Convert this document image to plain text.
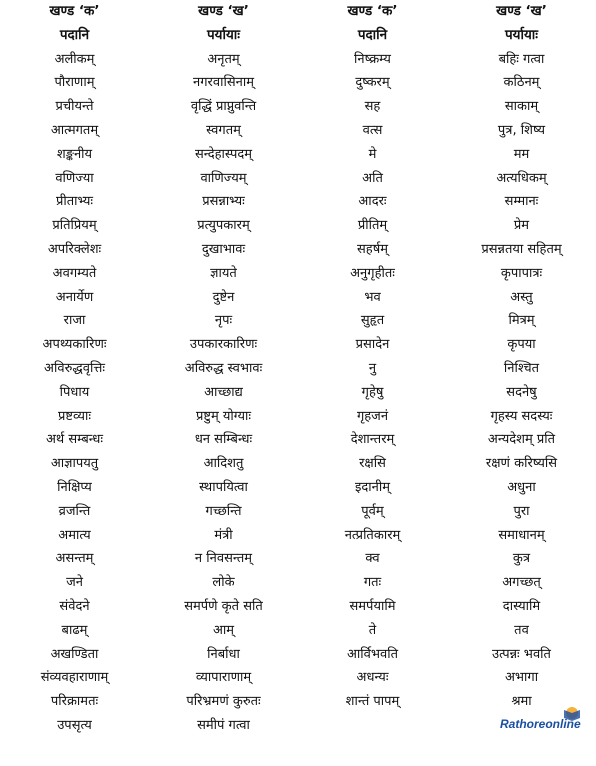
खण्ड ‘क’	खण्ड ‘ख’	खण्ड ‘क’	खण्ड ‘ख’
पदानि	पर्यायाः	पदानि	पर्यायाः
अलीकम्	अनृतम्	निष्क्रम्य	बहिः गत्वा
पौराणाम्	नगरवासिनाम्	दुष्करम्	कठिनम्
प्रचीयन्ते	वृद्धिं प्राप्नुवन्ति	सह	साकाम्
आत्मगतम्	स्वगतम्	वत्स	पुत्र, शिष्य
शङ्कनीय	सन्देहास्पदम्	मे	मम
वणिज्या	वाणिज्यम्	अति	अत्यधिकम्
प्रीताभ्यः	प्रसन्नाभ्यः	आदरः	सम्मानः
प्रतिप्रियम्	प्रत्युपकारम्	प्रीतिम्	प्रेम
अपरिक्लेशः	दुखाभावः	सहर्षम्	प्रसन्नतया सहितम्
अवगम्यते	ज्ञायते	अनुगृहीतः	कृपापात्रः
अनार्येण	दुष्टेन	भव	अस्तु
राजा	नृपः	सुहृत	मित्रम्
अपथ्यकारिणः	उपकारकारिणः	प्रसादेन	कृपया
अविरुद्धवृत्तिः	अविरुद्ध स्वभावः	नु	निश्चित
पिधाय	आच्छाद्य	गृहेषु	सदनेषु
प्रष्टव्याः	प्रष्टुम् योग्याः	गृहजनं	गृहस्य सदस्यः
अर्थ सम्बन्धः	धन सम्बिन्धः	देशान्तरम्	अन्यदेशम् प्रति
आज्ञापयतु	आदिशतु	रक्षसि	रक्षणं करिष्यसि
निक्षिप्य	स्थापयित्वा	इदानीम्	अधुना
व्रजन्ति	गच्छन्ति	पूर्वम्	पुरा
अमात्य	मंत्री	नत्प्रतिकारम्	समाधानम्
असन्तम्	न निवसन्तम्	क्व	कुत्र
जने	लोके	गतः	अगच्छत्
संवेदने	समर्पणे कृते सति	समर्पयामि	दास्यामि
बाढम्	आम्	ते	तव
अखण्डिता	निर्बाधा	आर्विभवति	उत्पन्नः भवति
संव्यवहाराणाम्	व्यापाराणाम्	अधन्यः	अभागा
परिक्रामतः	परिभ्रमणं कुरुतः	शान्तं पापम्	श्रमा
उपसृत्य	समीपं गत्वा	Rathoreonline
